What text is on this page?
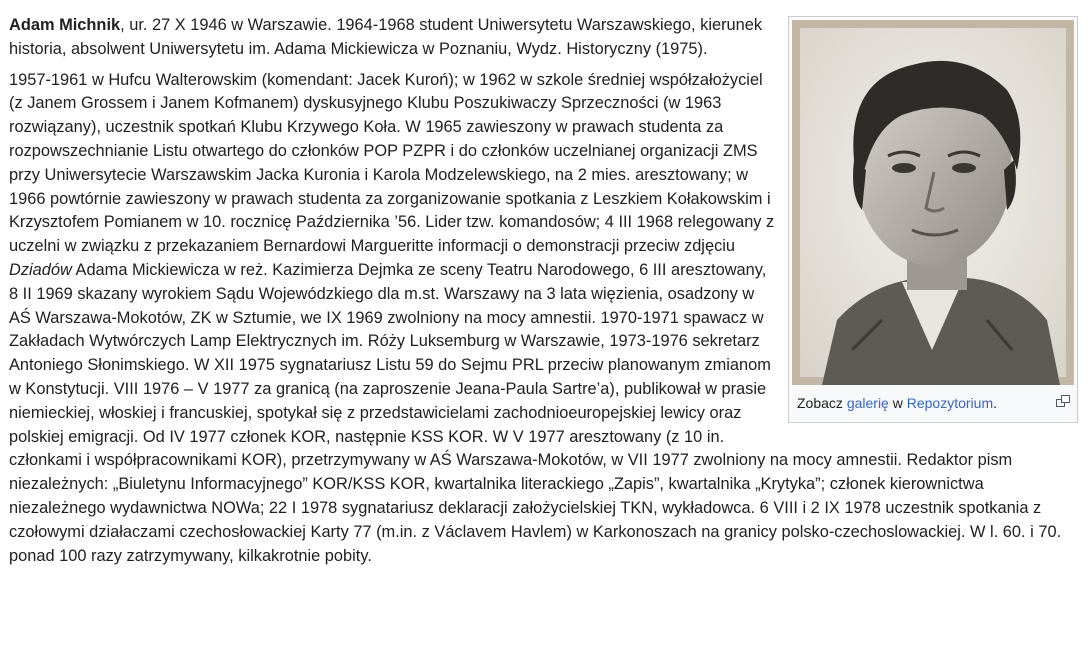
Zobacz galerię w Repozytorium.

Adam Michnik, ur. 27 X 1946 w Warszawie. 1964-1968 student Uniwersytetu Warszawskiego, kierunek historia, absolwent Uniwersytetu im. Adama Mickiewicza w Poznaniu, Wydz. Historyczny (1975).

1957-1961 w Hufcu Walterowskim (komendant: Jacek Kuroń); w 1962 w szkole średniej współzałożyciel (z Janem Grossem i Janem Kofmanem) dyskusyjnego Klubu Poszukiwaczy Sprzeczności (w 1963 rozwiązany), uczestnik spotkań Klubu Krzywego Koła. W 1965 zawieszony w prawach studenta za rozpowszechnianie Listu otwartego do członków POP PZPR i do członków uczelnianej organizacji ZMS przy Uniwersytecie Warszawskim Jacka Kuronia i Karola Modzelewskiego, na 2 mies. aresztowany; w 1966 powtórnie zawieszony w prawach studenta za zorganizowanie spotkania z Leszkiem Kołakowskim i Krzysztofem Pomianem w 10. rocznicę Października ’56. Lider tzw. komandosów; 4 III 1968 relegowany z uczelni w związku z przekazaniem Bernardowi Margueritte informacji o demonstracji przeciw zdjęciu Dziadów Adama Mickiewicza w reż. Kazimierza Dejmka ze sceny Teatru Narodowego, 6 III aresztowany, 8 II 1969 skazany wyrokiem Sądu Wojewódzkiego dla m.st. Warszawy na 3 lata więzienia, osadzony w AŚ Warszawa-Mokotów, ZK w Sztumie, we IX 1969 zwolniony na mocy amnestii. 1970-1971 spawacz w Zakładach Wytwórczych Lamp Elektrycznych im. Róży Luksemburg w Warszawie, 1973-1976 sekretarz Antoniego Słonimskiego. W XII 1975 sygnatariusz Listu 59 do Sejmu PRL przeciw planowanym zmianom w Konstytucji. VIII 1976 – V 1977 za granicą (na zaproszenie Jeana-Paula Sartre’a), publikował w prasie niemieckiej, włoskiej i francuskiej, spotykał się z przedstawicielami zachodnioeuropejskiej lewicy oraz polskiej emigracji. Od IV 1977 członek KOR, następnie KSS KOR. W V 1977 aresztowany (z 10 in. członkami i współpracownikami KOR), przetrzymywany w AŚ Warszawa-Mokotów, w VII 1977 zwolniony na mocy amnestii. Redaktor pism niezależnych: „Biuletynu Informacyjnego” KOR/KSS KOR, kwartalnika literackiego „Zapis”, kwartalnika „Krytyka”; członek kierownictwa niezależnego wydawnictwa NOWa; 22 I 1978 sygnatariusz deklaracji założycielskiej TKN, wykładowca. 6 VIII i 2 IX 1978 uczestnik spotkania z czołowymi działaczami czechosłowackiej Karty 77 (m.in. z Václavem Havlem) w Karkonoszach na granicy polsko-czechoslowackiej. W l. 60. i 70. ponad 100 razy zatrzymywany, kilkakrotnie pobity.
